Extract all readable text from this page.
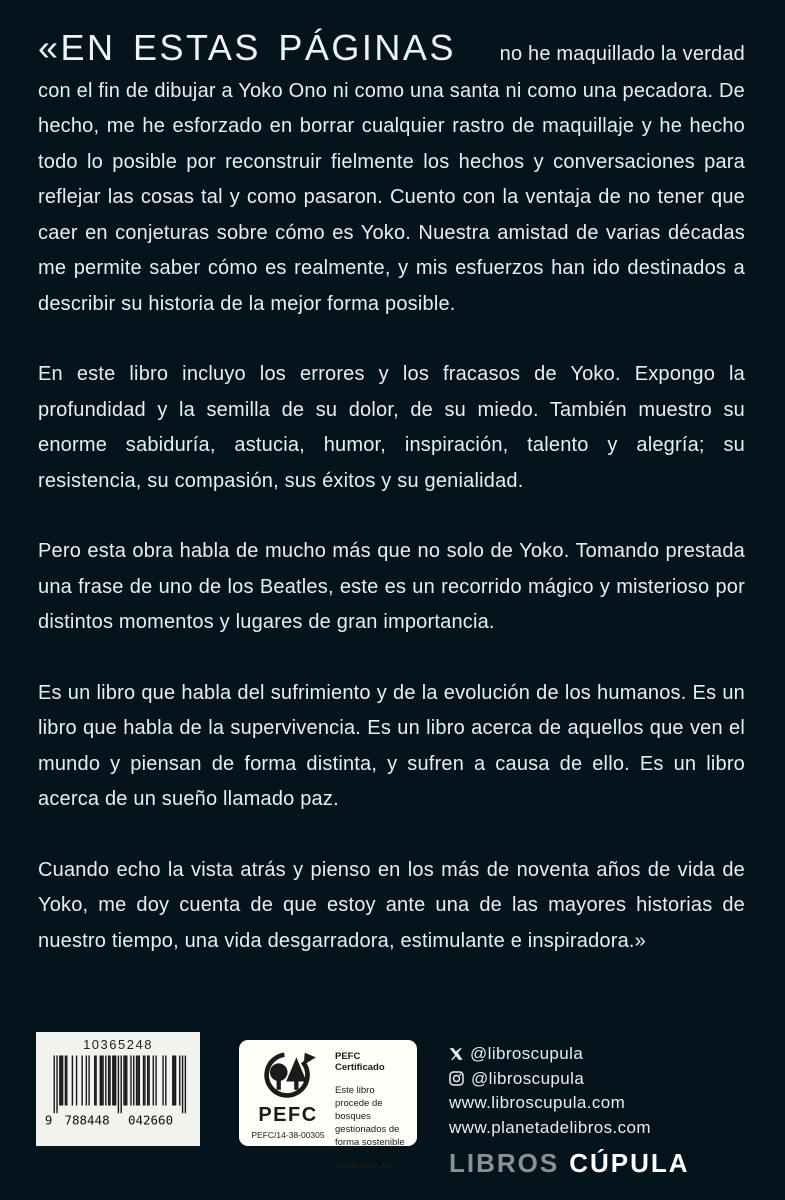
«EN ESTAS PÁGINAS no he maquillado la verdad

con el fin de dibujar a Yoko Ono ni como una santa ni como una pecadora. De hecho, me he esforzado en borrar cualquier rastro de maquillaje y he hecho todo lo posible por reconstruir fielmente los hechos y conversaciones para reflejar las cosas tal y como pasaron. Cuento con la ventaja de no tener que caer en conjeturas sobre cómo es Yoko. Nuestra amistad de varias décadas me permite saber cómo es realmente, y mis esfuerzos han ido destinados a describir su historia de la mejor forma posible.

En este libro incluyo los errores y los fracasos de Yoko. Expongo la profundidad y la semilla de su dolor, de su miedo. También muestro su enorme sabiduría, astucia, humor, inspiración, talento y alegría; su resistencia, su compasión, sus éxitos y su genialidad.

Pero esta obra habla de mucho más que no solo de Yoko. Tomando prestada una frase de uno de los Beatles, este es un recorrido mágico y misterioso por distintos momentos y lugares de gran importancia.

Es un libro que habla del sufrimiento y de la evolución de los humanos. Es un libro que habla de la supervivencia. Es un libro acerca de aquellos que ven el mundo y piensan de forma distinta, y sufren a causa de ello. Es un libro acerca de un sueño llamado paz.

Cuando echo la vista atrás y pienso en los más de noventa años de vida de Yoko, me doy cuenta de que estoy ante una de las mayores historias de nuestro tiempo, una vida desgarradora, estimulante e inspiradora.»

10365248
9 788448 042660	PEFC
PEFC/14-38-00305
PEFC Certificado
Este libro procede de bosques gestionados de forma sostenible
www.pefc.es
@libroscupula
@libroscupula
www.libroscupula.com
www.planetadelibros.com
LIBROS CÚPULA
